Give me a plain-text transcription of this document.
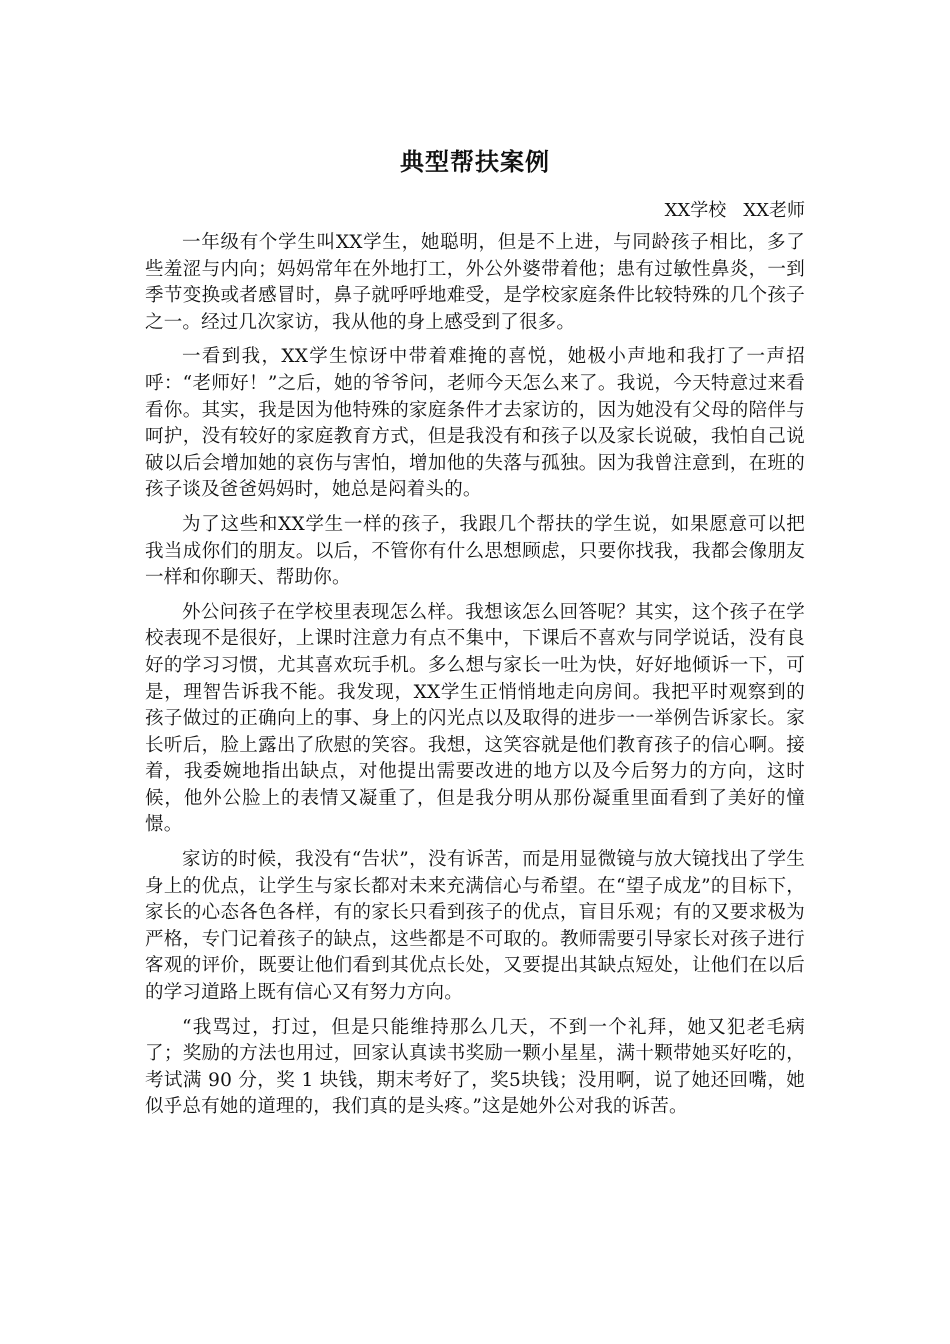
典型帮扶案例

XX学校   XX老师

一年级有个学生叫XX学生，她聪明，但是不上进，与同龄孩子相比，多了些羞涩与内向；妈妈常年在外地打工，外公外婆带着他；患有过敏性鼻炎，一到季节变换或者感冒时，鼻子就呼呼地难受，是学校家庭条件比较特殊的几个孩子之一。经过几次家访，我从他的身上感受到了很多。

一看到我，XX学生惊讶中带着难掩的喜悦，她极小声地和我打了一声招呼：“老师好！”之后，她的爷爷问，老师今天怎么来了。我说，今天特意过来看看你。其实，我是因为他特殊的家庭条件才去家访的，因为她没有父母的陪伴与呵护，没有较好的家庭教育方式，但是我没有和孩子以及家长说破，我怕自己说破以后会增加她的哀伤与害怕，增加他的失落与孤独。因为我曾注意到，在班的孩子谈及爸爸妈妈时，她总是闷着头的。

为了这些和XX学生一样的孩子，我跟几个帮扶的学生说，如果愿意可以把我当成你们的朋友。以后，不管你有什么思想顾虑，只要你找我，我都会像朋友一样和你聊天、帮助你。

外公问孩子在学校里表现怎么样。我想该怎么回答呢？其实，这个孩子在学校表现不是很好，上课时注意力有点不集中，下课后不喜欢与同学说话，没有良好的学习习惯，尤其喜欢玩手机。多么想与家长一吐为快，好好地倾诉一下，可是，理智告诉我不能。我发现，XX学生正悄悄地走向房间。我把平时观察到的孩子做过的正确向上的事、身上的闪光点以及取得的进步一一举例告诉家长。家长听后，脸上露出了欣慰的笑容。我想，这笑容就是他们教育孩子的信心啊。接着，我委婉地指出缺点，对他提出需要改进的地方以及今后努力的方向，这时候，他外公脸上的表情又凝重了，但是我分明从那份凝重里面看到了美好的憧憬。

家访的时候，我没有“告状”，没有诉苦，而是用显微镜与放大镜找出了学生身上的优点，让学生与家长都对未来充满信心与希望。在“望子成龙”的目标下，家长的心态各色各样，有的家长只看到孩子的优点，盲目乐观；有的又要求极为严格，专门记着孩子的缺点，这些都是不可取的。教师需要引导家长对孩子进行客观的评价，既要让他们看到其优点长处，又要提出其缺点短处，让他们在以后的学习道路上既有信心又有努力方向。

“我骂过，打过，但是只能维持那么几天，不到一个礼拜，她又犯老毛病了；奖励的方法也用过，回家认真读书奖励一颗小星星，满十颗带她买好吃的，考试满 90 分，奖 1 块钱，期末考好了，奖5块钱；没用啊，说了她还回嘴，她似乎总有她的道理的，我们真的是头疼。”这是她外公对我的诉苦。
